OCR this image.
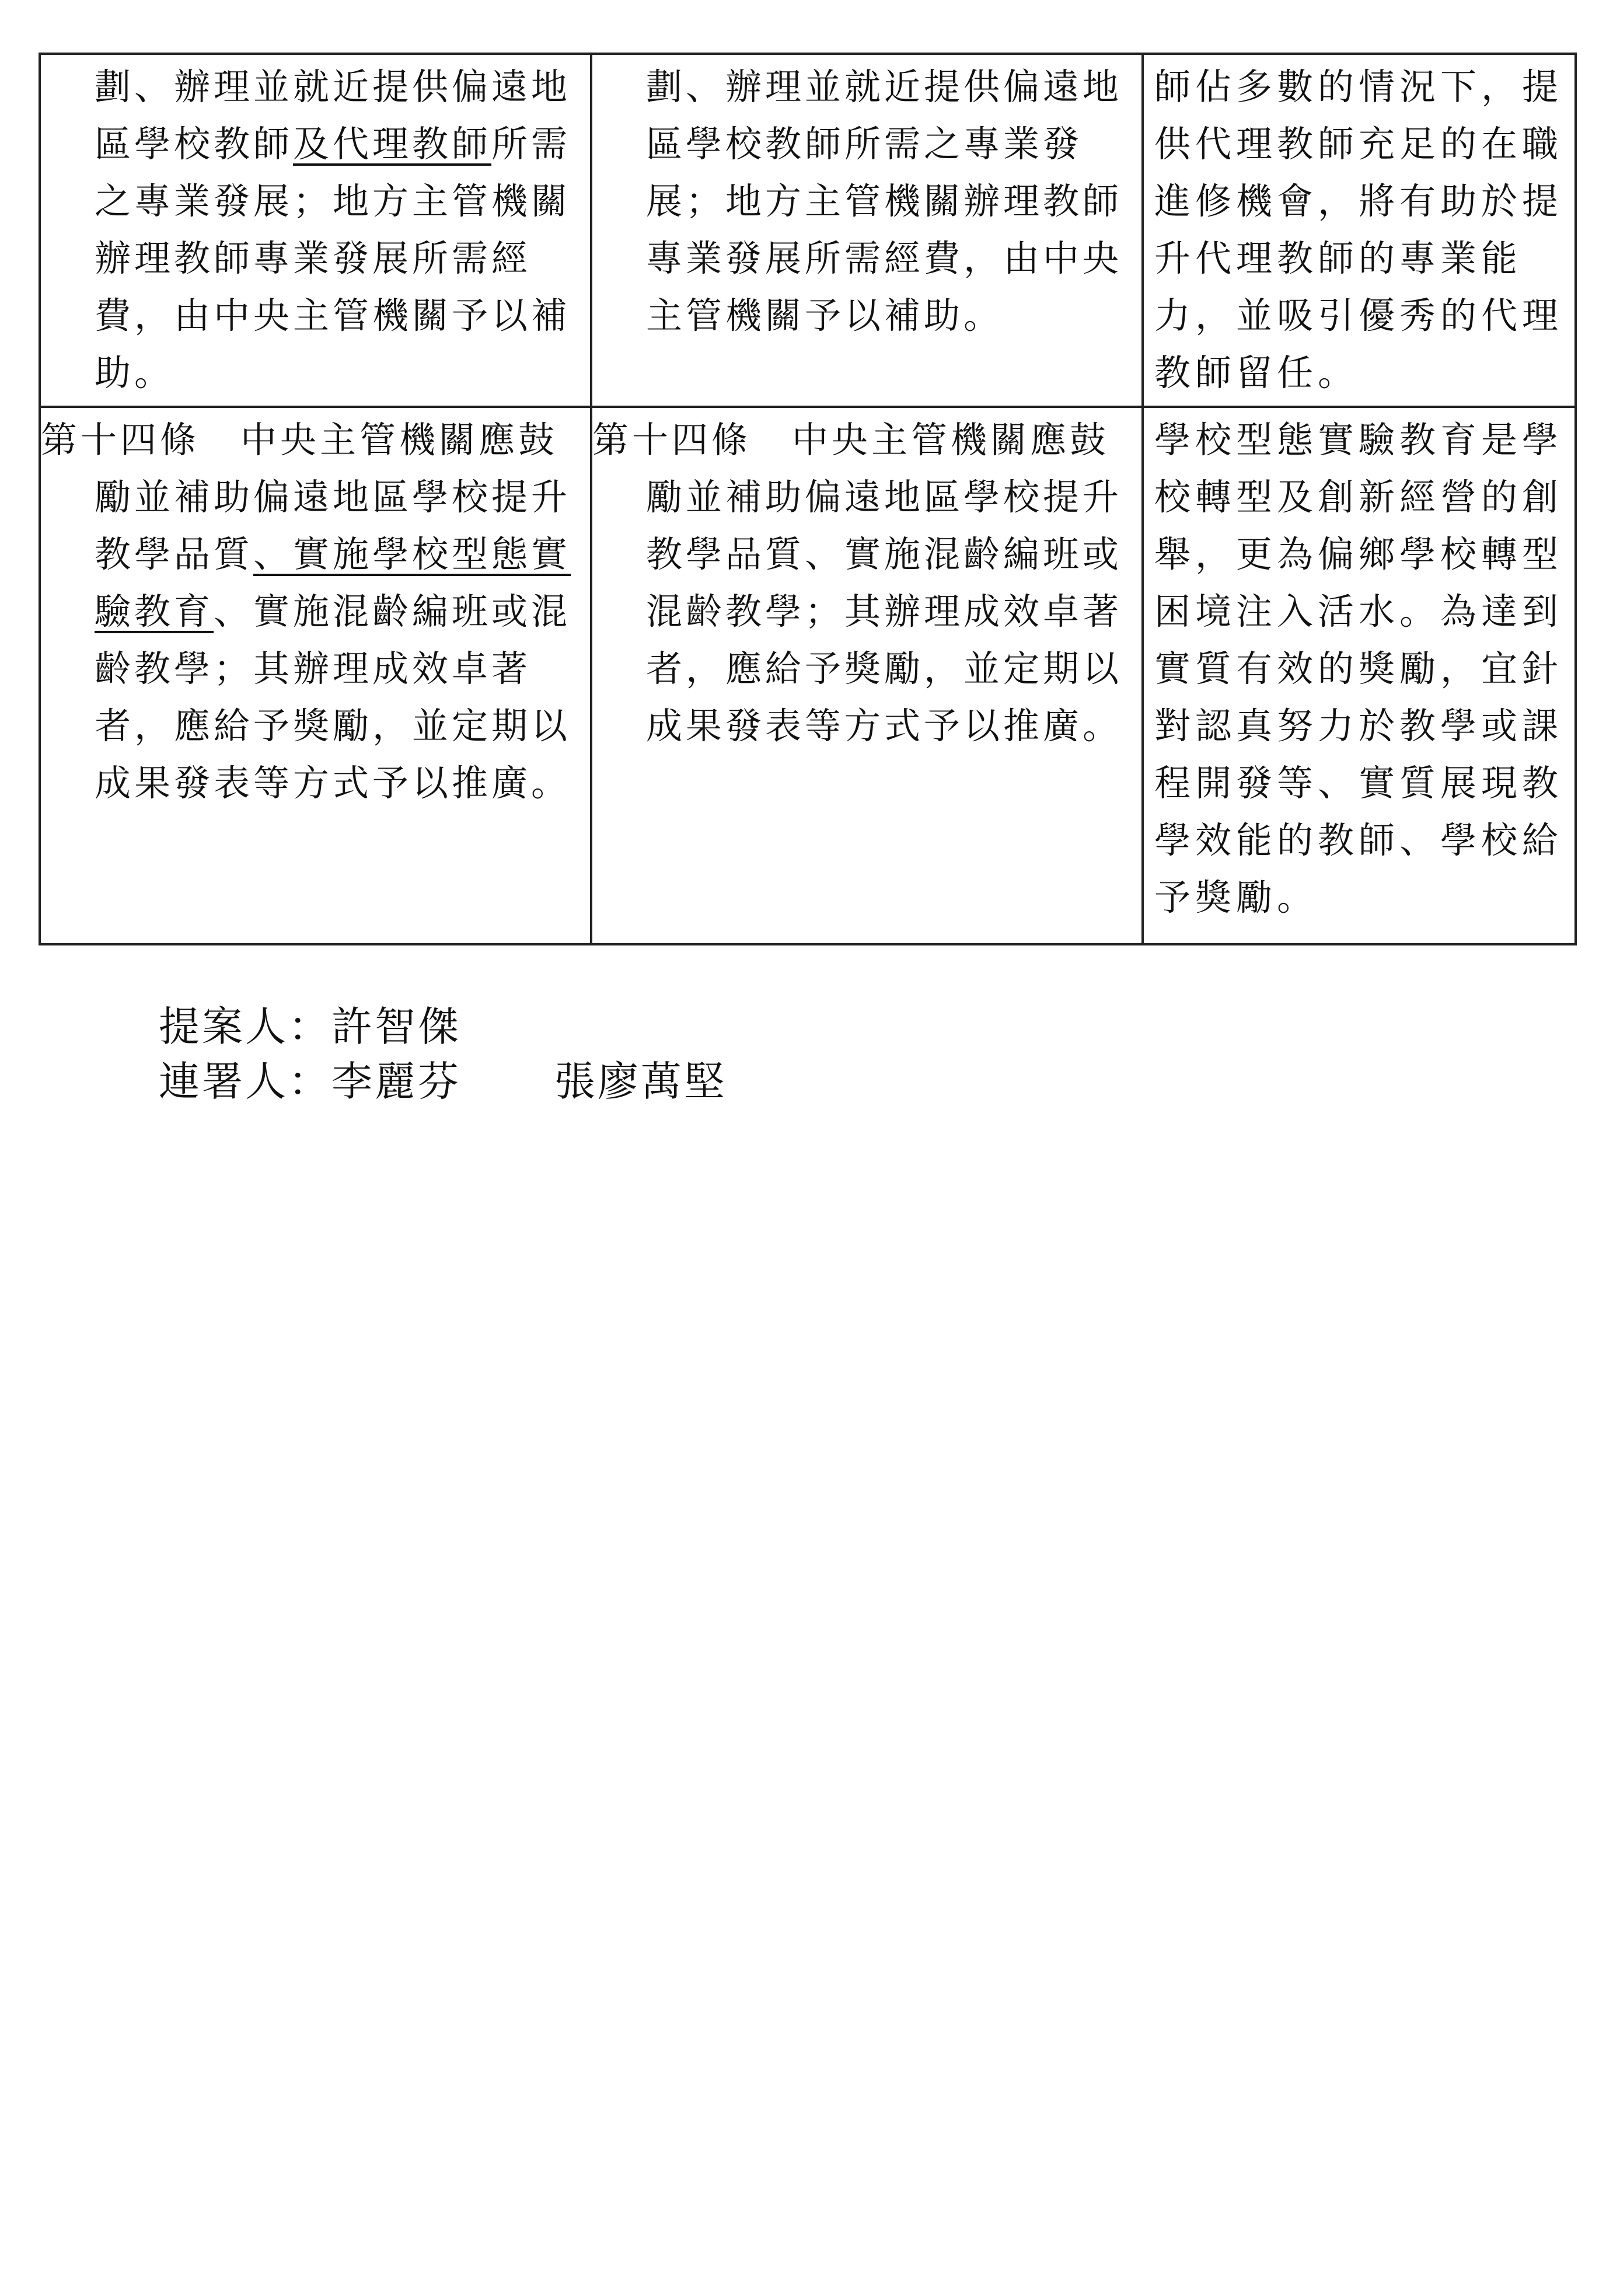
劃、辦理並就近提供偏遠地區學校教師及代理教師所需之專業發展；地方主管機關辦理教師專業發展所需經費，由中央主管機關予以補助。	劃、辦理並就近提供偏遠地區學校教師所需之專業發展；地方主管機關辦理教師專業發展所需經費，由中央主管機關予以補助。	師佔多數的情況下，提供代理教師充足的在職進修機會，將有助於提升代理教師的專業能力，並吸引優秀的代理教師留任。

第十四條 中央主管機關應鼓勵並補助偏遠地區學校提升教學品質、實施學校型態實驗教育、實施混齡編班或混齡教學；其辦理成效卓著者，應給予獎勵，並定期以成果發表等方式予以推廣。	第十四條 中央主管機關應鼓勵並補助偏遠地區學校提升教學品質、實施混齡編班或混齡教學；其辦理成效卓著者，應給予獎勵，並定期以成果發表等方式予以推廣。	學校型態實驗教育是學校轉型及創新經營的創舉，更為偏鄉學校轉型困境注入活水。為達到實質有效的獎勵，宜針對認真努力於教學或課程開發等、實質展現教學效能的教師、學校給予獎勵。
提案人：許智傑
連署人：李麗芬 張廖萬堅
